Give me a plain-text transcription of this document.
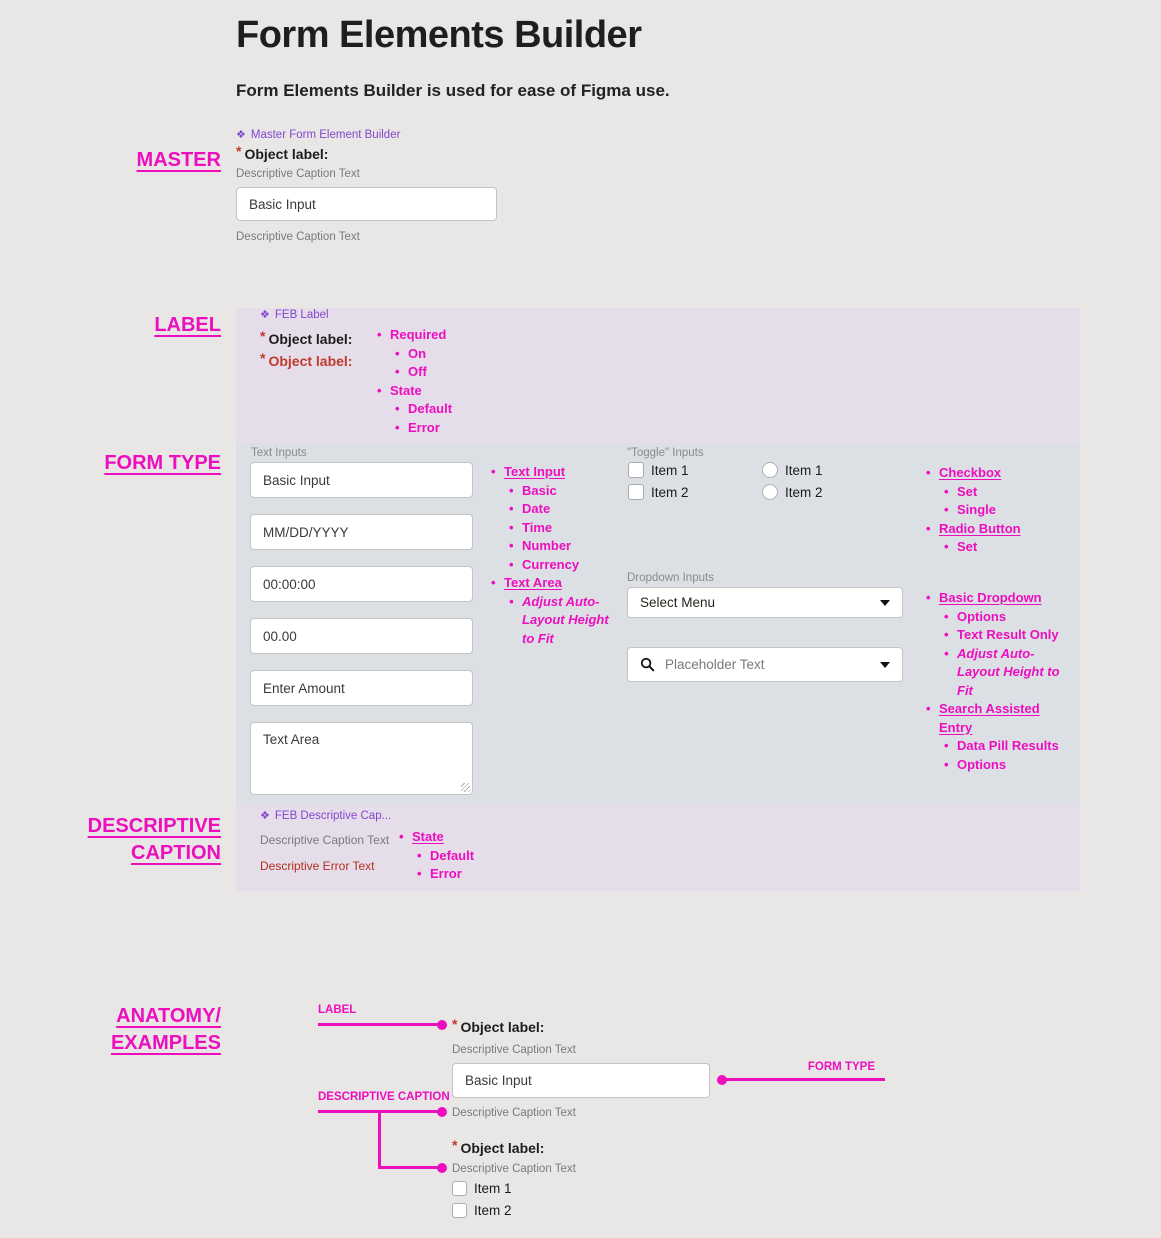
Form Elements Builder
Form Elements Builder is used for ease of Figma use.
MASTER
LABEL
FORM TYPE
DESCRIPTIVE
CAPTION
ANATOMY/
EXAMPLES
❖ Master Form Element Builder
* Object label:
Descriptive Caption Text
Basic Input
Descriptive Caption Text
❖ FEB Label
* Object label:
* Object label:
• Required
• On
• Off
• State
• Default
• Error
Text Inputs
Basic Input
MM/DD/YYYY
00:00:00
00.00
Enter Amount
Text Area
• Text Input
• Basic
• Date
• Time
• Number
• Currency
• Text Area
• Adjust Auto-Layout Height to Fit
"Toggle" Inputs
Item 1
Item 2
Item 1
Item 2
• Checkbox
• Set
• Single
• Radio Button
• Set
Dropdown Inputs
Select Menu
Placeholder Text	• Basic Dropdown
• Options
• Text Result Only
• Adjust Auto-Layout Height to Fit
• Search Assisted Entry
• Data Pill Results
• Options
❖ FEB Descriptive Cap...
Descriptive Caption Text
Descriptive Error Text
• State
• Default
• Error
LABEL
* Object label:
Descriptive Caption Text
Basic Input
Descriptive Caption Text
FORM TYPE
DESCRIPTIVE CAPTION
* Object label:
Descriptive Caption Text
Item 1
Item 2
